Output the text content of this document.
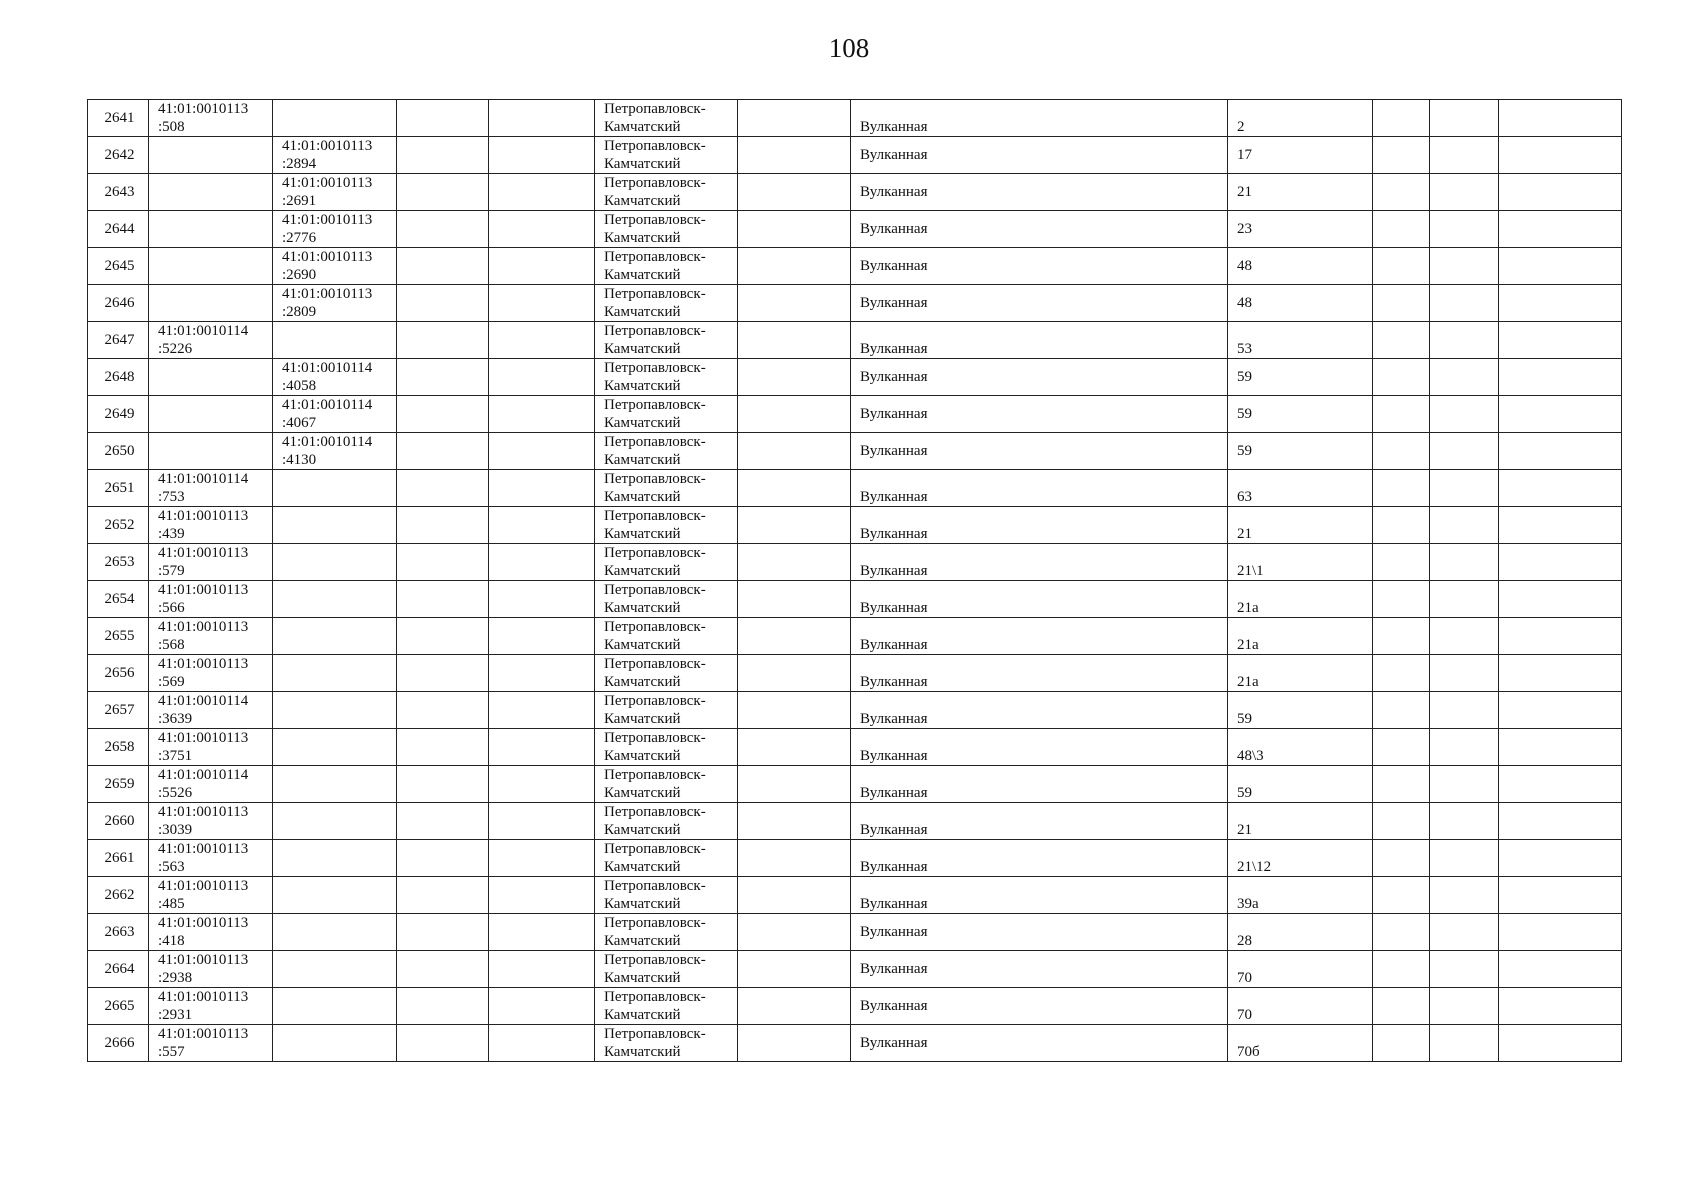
108
2641	41:01:0010113
:508				Петропавловск-
Камчатский		Вулканная	2			
2642		41:01:0010113
:2894			Петропавловск-
Камчатский		Вулканная	17			
2643		41:01:0010113
:2691			Петропавловск-
Камчатский		Вулканная	21			
2644		41:01:0010113
:2776			Петропавловск-
Камчатский		Вулканная	23			
2645		41:01:0010113
:2690			Петропавловск-
Камчатский		Вулканная	48			
2646		41:01:0010113
:2809			Петропавловск-
Камчатский		Вулканная	48			
2647	41:01:0010114
:5226				Петропавловск-
Камчатский		Вулканная	53			
2648		41:01:0010114
:4058			Петропавловск-
Камчатский		Вулканная	59			
2649		41:01:0010114
:4067			Петропавловск-
Камчатский		Вулканная	59			
2650		41:01:0010114
:4130			Петропавловск-
Камчатский		Вулканная	59			
2651	41:01:0010114
:753				Петропавловск-
Камчатский		Вулканная	63			
2652	41:01:0010113
:439				Петропавловск-
Камчатский		Вулканная	21			
2653	41:01:0010113
:579				Петропавловск-
Камчатский		Вулканная	21\1			
2654	41:01:0010113
:566				Петропавловск-
Камчатский		Вулканная	21а			
2655	41:01:0010113
:568				Петропавловск-
Камчатский		Вулканная	21а			
2656	41:01:0010113
:569				Петропавловск-
Камчатский		Вулканная	21а			
2657	41:01:0010114
:3639				Петропавловск-
Камчатский		Вулканная	59			
2658	41:01:0010113
:3751				Петропавловск-
Камчатский		Вулканная	48\3			
2659	41:01:0010114
:5526				Петропавловск-
Камчатский		Вулканная	59			
2660	41:01:0010113
:3039				Петропавловск-
Камчатский		Вулканная	21			
2661	41:01:0010113
:563				Петропавловск-
Камчатский		Вулканная	21\12			
2662	41:01:0010113
:485				Петропавловск-
Камчатский		Вулканная	39а			
2663	41:01:0010113
:418				Петропавловск-
Камчатский		Вулканная	28			
2664	41:01:0010113
:2938				Петропавловск-
Камчатский		Вулканная	70			
2665	41:01:0010113
:2931				Петропавловск-
Камчатский		Вулканная	70			
2666	41:01:0010113
:557				Петропавловск-
Камчатский		Вулканная	70б			
